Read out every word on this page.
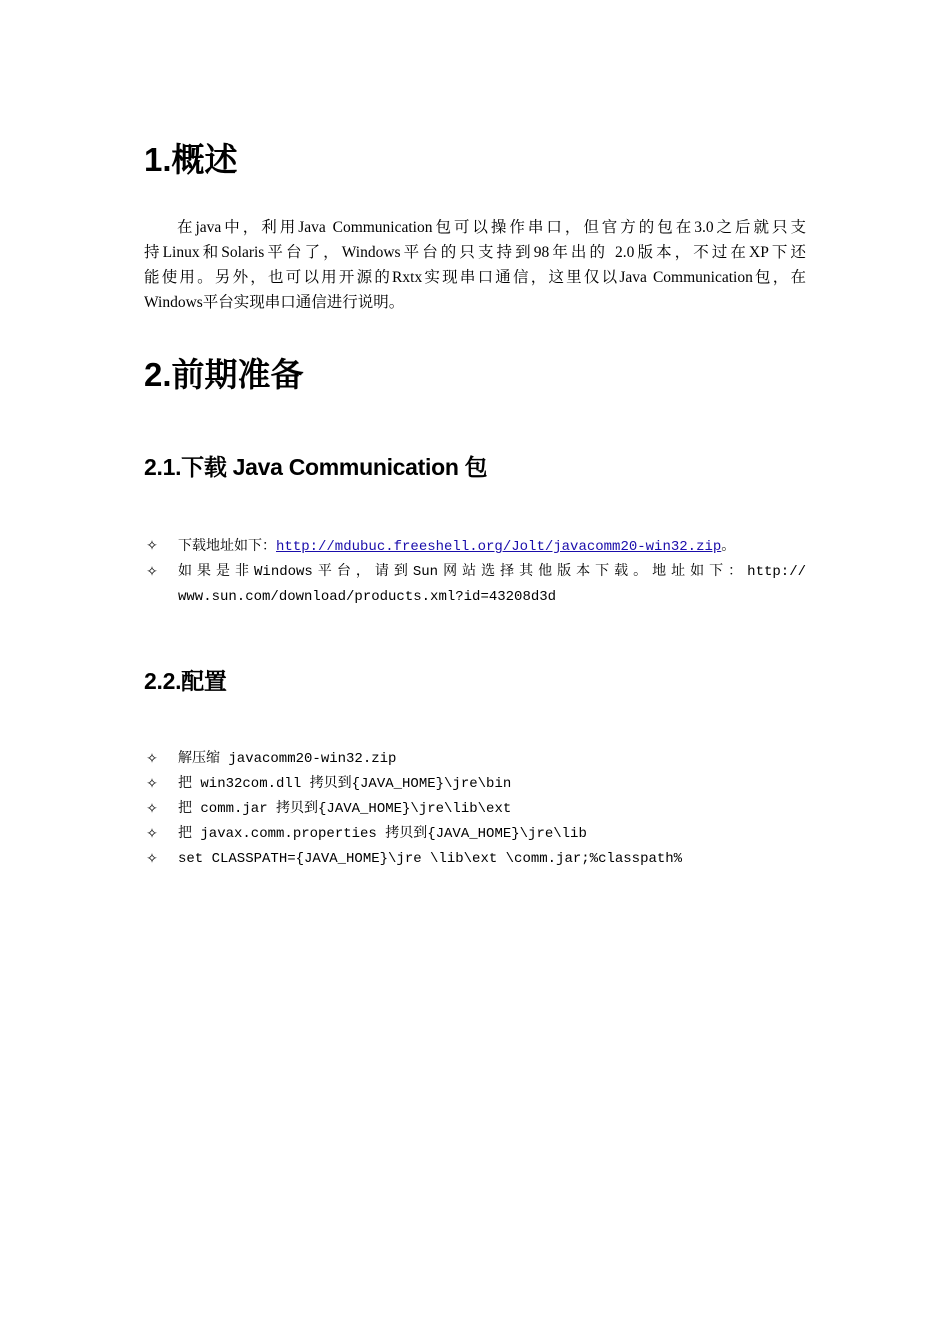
1.概述
在java中，利用Java Communication包可以操作串口，但官方的包在3.0之后就只支
持Linux和Solaris平台了，Windows平台的只支持到98年出的 2.0版本，不过在XP下还
能使用。另外，也可以用开源的Rxtx实现串口通信，这里仅以Java Communication包，在
Windows平台实现串口通信进行说明。
2.前期准备
2.1.下载 Java Communication 包
✧ 下载地址如下：http://mdubuc.freeshell.org/Jolt/javacomm20-win32.zip。
✧ 如果是非Windows平台，请到Sun网站选择其他版本下载。地址如下：http://
www.sun.com/download/products.xml?id=43208d3d
2.2.配置
✧ 解压缩 javacomm20-win32.zip
✧ 把 win32com.dll 拷贝到{JAVA_HOME}\jre\bin
✧ 把 comm.jar 拷贝到{JAVA_HOME}\jre\lib\ext
✧ 把 javax.comm.properties 拷贝到{JAVA_HOME}\jre\lib
✧ set CLASSPATH={JAVA_HOME}\jre \lib\ext \comm.jar;%classpath%
